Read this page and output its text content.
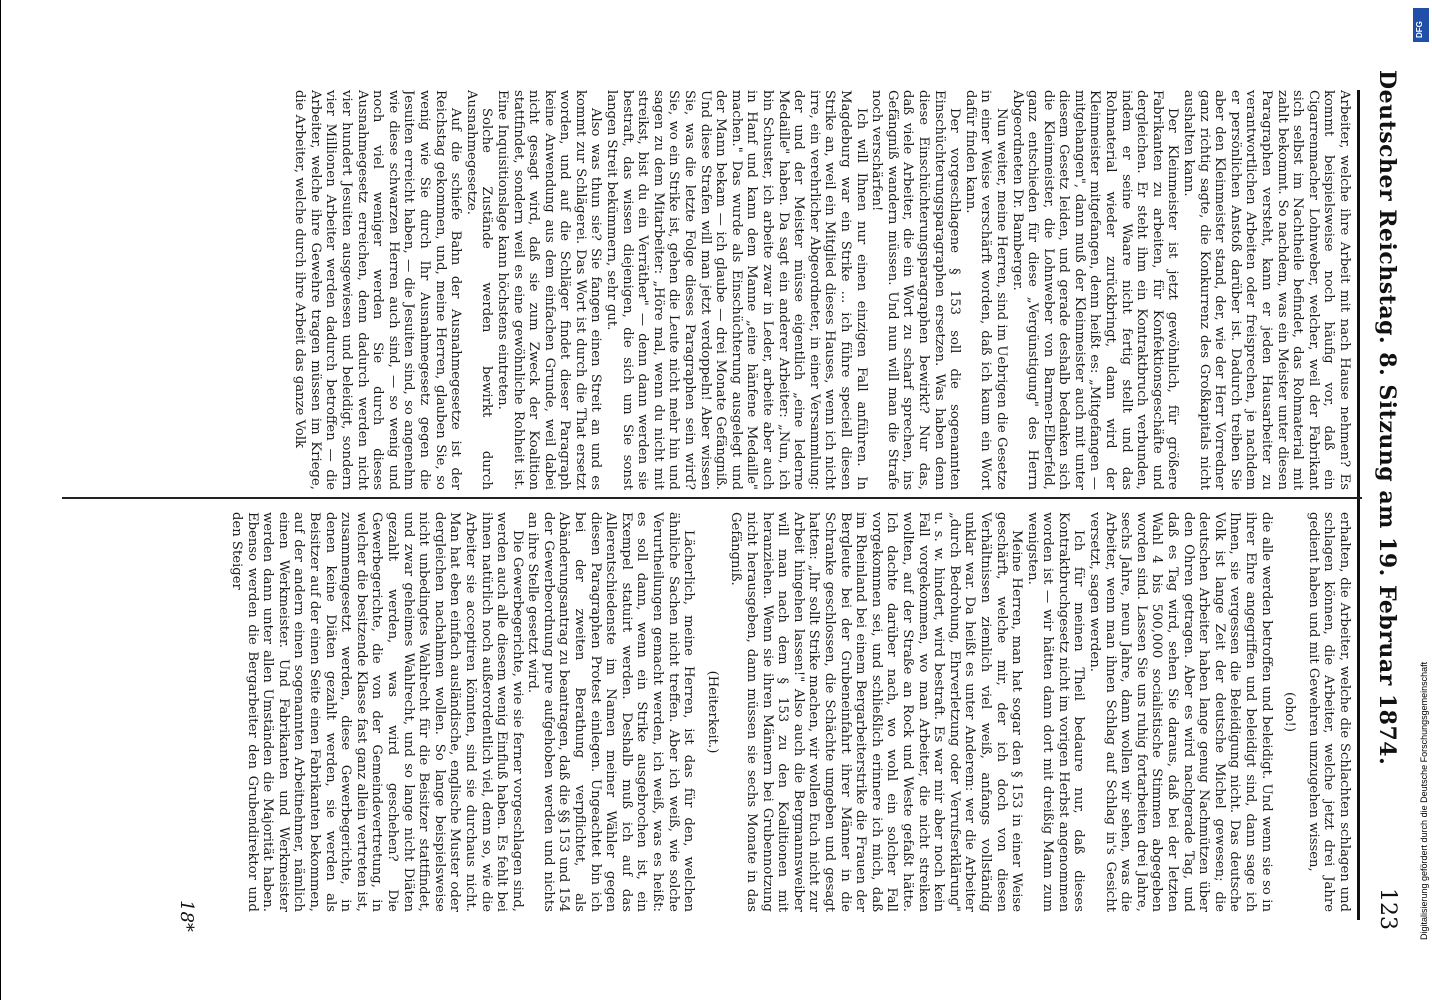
Deutscher Reichstag. 8. Sitzung am 19. Februar 1874.
123

Arbeiter, welche ihre Arbeit mit nach Hause nehmen? Es kommt beispielsweise noch häufig vor, daß ein Cigarrenmacher Lohnweber, welcher, weil der Fabrikant sich selbst im Nachtheile befindet, das Rohmaterial mit zahlt bekommt. So nachdem, was ein Meister unter diesen Paragraphen versteht, kann er jeden Hausarbeiter zu verantwortlichen Arbeiten oder freisprechen, je nachdem er persönlichen Anstoß darüber ist. Dadurch treiben Sie aber den Kleinmeister stand, der, wie der Herr Vorredner ganz richtig sagte, die Konkurrenz des Großkapitals nicht aushalten kann.

Der Kleinmeister ist jetzt gewöhnlich, für größere Fabrikanten zu arbeiten, für Konfektionsgeschäfte und dergleichen. Er steht ihm ein Kontraktbruch verbunden, indem er seine Waare nicht fertig stellt und das Rohmaterial wieder zurückbringt, dann wird der Kleinmeister mitgefangen, denn heißt es: „Mitgefangen — mitgehangen", dann muß der Kleinmeister auch mit unter diesem Gesetz leiden, und gerade deshalb bedanken sich die Kleinmeister, die Lohnweber von Barmen-Elberfeld, ganz entschieden für diese „Vergünstigung" des Herrn Abgeordneten Dr. Bamberger.

Nun weiter, meine Herren, sind im Uebrigen die Gesetze in einer Weise verschärft worden, daß ich kaum ein Wort dafür finden kann.

Der vorgeschlagene § 153 soll die sogenannten Einschüchterungsparagraphen ersetzen. Was haben denn diese Einschüchterungsparagraphen bewirkt? Nur das, daß viele Arbeiter, die ein Wort zu scharf sprechen, ins Gefängniß wandern müssen. Und nun will man die Strafe noch verschärfen!

Ich will Ihnen nur einen einzigen Fall anführen. In Magdeburg war ein Strike ... ich führe speciell diesen Strike an, weil ein Mitglied dieses Hauses, wenn ich nicht irre, ein verehrlicher Abgeordneter, in einer Versammlung: der und der Meister müsse eigentlich „eine lederne Medaille" haben. Da sagt ein anderer Arbeiter: „Nun, ich bin Schuster, ich arbeite zwar in Leder, arbeite aber auch in Hanf und kann dem Manne „eine hänfene Medaille" machen." Das wurde als Einschüchterung ausgelegt und der Mann bekam — ich glaube — drei Monate Gefängniß. Und diese Strafen will man jetzt verdoppeln! Aber wissen Sie, was die letzte Folge dieses Paragraphen sein wird? Sie, wo ein Strike ist, gehen die Leute nicht mehr hin und sagen zu dem Mitarbeiter: „Höre mal, wenn du nicht mit streikst, bist du ein Verräther" — denn dann werden sie bestraft, das wissen diejenigen, die sich um Sie sonst langen Streit bekümmern, sehr gut.

Also was thun sie? Sie fangen einen Streit an und es kommt zur Schlägerei. Das Wort ist durch die That ersetzt worden, und auf die Schläger findet dieser Paragraph keine Anwendung aus dem einfachen Grunde, weil dabei nicht gesagt wird, daß sie zum Zweck der Koalition stattfindet, sondern weil es eine gewöhnliche Rohheit ist. Eine Inquisitionslage kann höchstens eintreten.

Solche Zustände werden bewirkt durch Ausnahmegesetze.

Auf die schiefe Bahn der Ausnahmegesetze ist der Reichstag gekommen, und, meine Herren, glauben Sie, so wenig wie Sie durch Ihr Ausnahmegesetz gegen die Jesuiten erreicht haben, — die Jesuiten sind, so angenehm wie diese schwarzen Herren auch sind, — so wenig und noch viel weniger werden Sie durch dieses Ausnahmegesetz erreichen, denn dadurch werden nicht vier hundert Jesuiten ausgewiesen und beleidigt, sondern vier Millionen Arbeiter werden dadurch betroffen — die Arbeiter, welche ihre Gewehre tragen müssen im Kriege, die Arbeiter, welche durch ihre Arbeit das ganze Volk

erhalten, die Arbeiter, welche die Schlachten schlagen und schlagen können, die Arbeiter, welche jetzt drei Jahre gedient haben und mit Gewehren umzugehen wissen,

(oho!)

die alle werden betroffen und beleidigt. Und wenn sie so in ihrer Ehre angegriffen und beleidigt sind, dann sage ich Ihnen, sie vergessen die Beleidigung nicht. Das deutsche Volk ist lange Zeit der deutsche Michel gewesen; die deutschen Arbeiter haben lange genug Nachmützen über den Ohren getragen. Aber es wird nachgerade Tag, und daß es Tag wird, sehen Sie daraus, daß bei der letzten Wahl 4 bis 500,000 socialistische Stimmen abgegeben worden sind. Lassen Sie uns ruhig fortarbeiten drei Jahre, sechs Jahre, neun Jahre, dann wollen wir sehen, was die Arbeiter, wenn man ihnen Schlag auf Schlag in's Gesicht versetzt, sagen werden.

Ich für meinen Theil bedaure nur, daß dieses Kontraktbruchgesetz nicht im vorigen Herbst angenommen worden ist — wir hätten dann dort mit dreißig Mann zum wenigsten.

Meine Herren, man hat sogar den § 153 in einer Weise geschärft, welche mir, der ich doch von diesen Verhältnissen ziemlich viel weiß, anfangs vollständig unklar war. Da heißt es unter Anderem: wer die Arbeiter „durch Bedrohung, Ehrverletzung oder Verrufserklärung" u. s. w. hindert, wird bestraft. Es war mir aber noch kein Fall vorgekommen, wo man Arbeiter, die nicht streiken wollten, auf der Straße an Rock und Weste gefaßt hätte. Ich dachte darüber nach, wo wohl ein solcher Fall vorgekommen sei, und schließlich erinnere ich mich, daß im Rheinland bei einem Bergarbeiterstrike die Frauen der Bergleute bei der Grubeneinfahrt ihrer Männer in die Schranke geschlossen, die Schächte umgeben und gesagt hatten: „Ihr sollt Strike machen, wir wollen Euch nicht zur Arbeit hingehen lassen!" Also auch die Bergmannsweiber will man nach dem § 153 zu den Koalitionen mit heranziehen. Wenn sie ihren Männern bei Grubennotzung nicht herausgeben, dann müssen sie sechs Monate in das Gefängniß.

(Heiterkeit.)

Lächerlich, meine Herren, ist das für den, welchen ähnliche Sachen nicht treffen. Aber ich weiß, wie solche Verurtheilungen gemacht werden, ich weiß, was es heißt: es soll dann, wenn ein Strike ausgebrochen ist, ein Exempel statuirt werden. Deshalb muß ich auf das Allerentschiedenste im Namen meiner Wähler gegen diesen Paragraphen Protest einlegen. Ungeachtet bin ich bei der zweiten Berathung verpflichtet, als Abänderungsantrag zu beantragen, daß die §§ 153 und 154 der Gewerbeordnung pure aufgehoben werden und nichts an ihre Stelle gesetzt wird.

Die Gewerbegerichte, wie sie ferner vorgeschlagen sind, werden auch alle diesem wenig Einfluß haben. Es fehlt bei ihnen natürlich noch außerordentlich viel, denn so, wie die Arbeiter sie acceptiren könnten, sind sie durchaus nicht. Man hat eben einfach ausländische, englische Muster oder dergleichen nachahmen wollen. So lange beispielsweise nicht unbedingtes Wahlrecht für die Beisitzer stattfindet, und zwar geheimes Wahlrecht, und so lange nicht Diäten gezahlt werden, was wird geschehen? Die Gewerbegerichte, die von der Gemeindevertretung, in welcher die besitzende Klasse fast ganz allein vertreten ist, zusammengesetzt werden, diese Gewerbegerichte, in denen keine Diäten gezahlt werden, sie werden als Beisitzer auf der einen Seite einen Fabrikanten bekommen, auf der andern einen sogenannten Arbeitnehmer, nämlich einen Werkmeister. Und Fabrikanten und Werkmeister werden dann unter allen Umständen die Majorität haben. Ebenso werden die Bergarbeiter den Grubendirektor und den Steiger

18*
DFG
Digitalisierung gefördert durch die Deutsche Forschungsgemeinschaft
